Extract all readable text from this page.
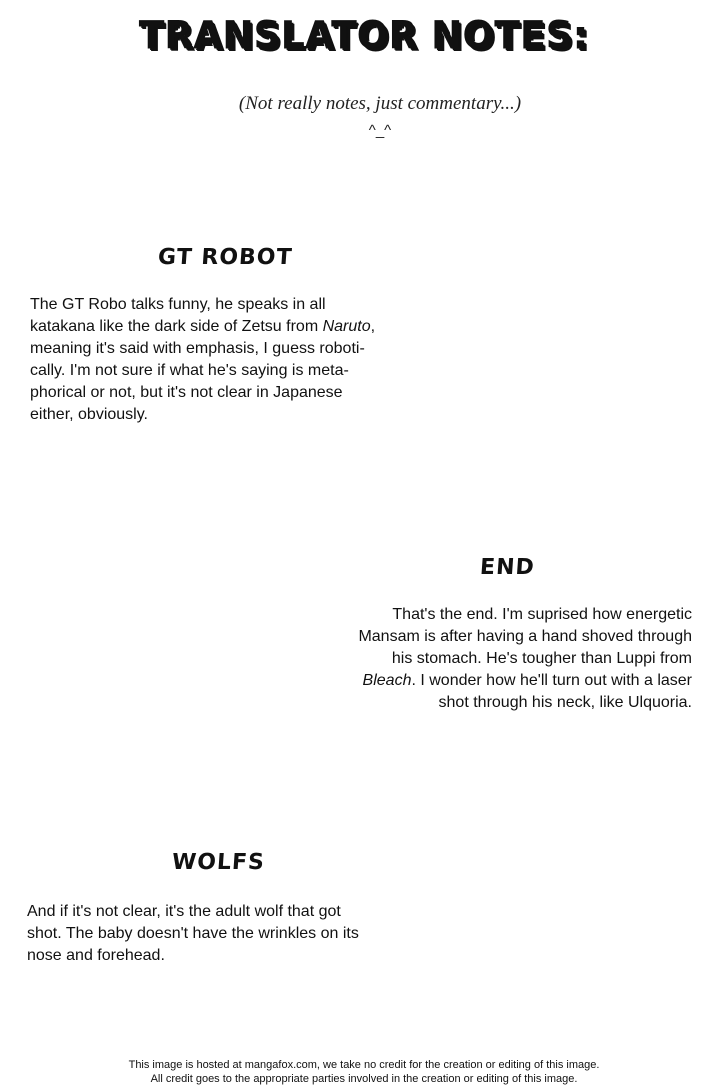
TRANSLATOR NOTES:
(Not really notes, just commentary...)
^_^
GT ROBOT
The GT Robo talks funny, he speaks in all
katakana like the dark side of Zetsu from Naruto,
meaning it's said with emphasis, I guess roboti-
cally. I'm not sure if what he's saying is meta-
phorical or not, but it's not clear in Japanese
either, obviously.
END
That's the end. I'm suprised how energetic
Mansam is after having a hand shoved through
his stomach. He's tougher than Luppi from
Bleach. I wonder how he'll turn out with a laser
shot through his neck, like Ulquoria.
WOLFS
And if it's not clear, it's the adult wolf that got
shot. The baby doesn't have the wrinkles on its
nose and forehead.
This image is hosted at mangafox.com, we take no credit for the creation or editing of this image.
All credit goes to the appropriate parties involved in the creation or editing of this image.
